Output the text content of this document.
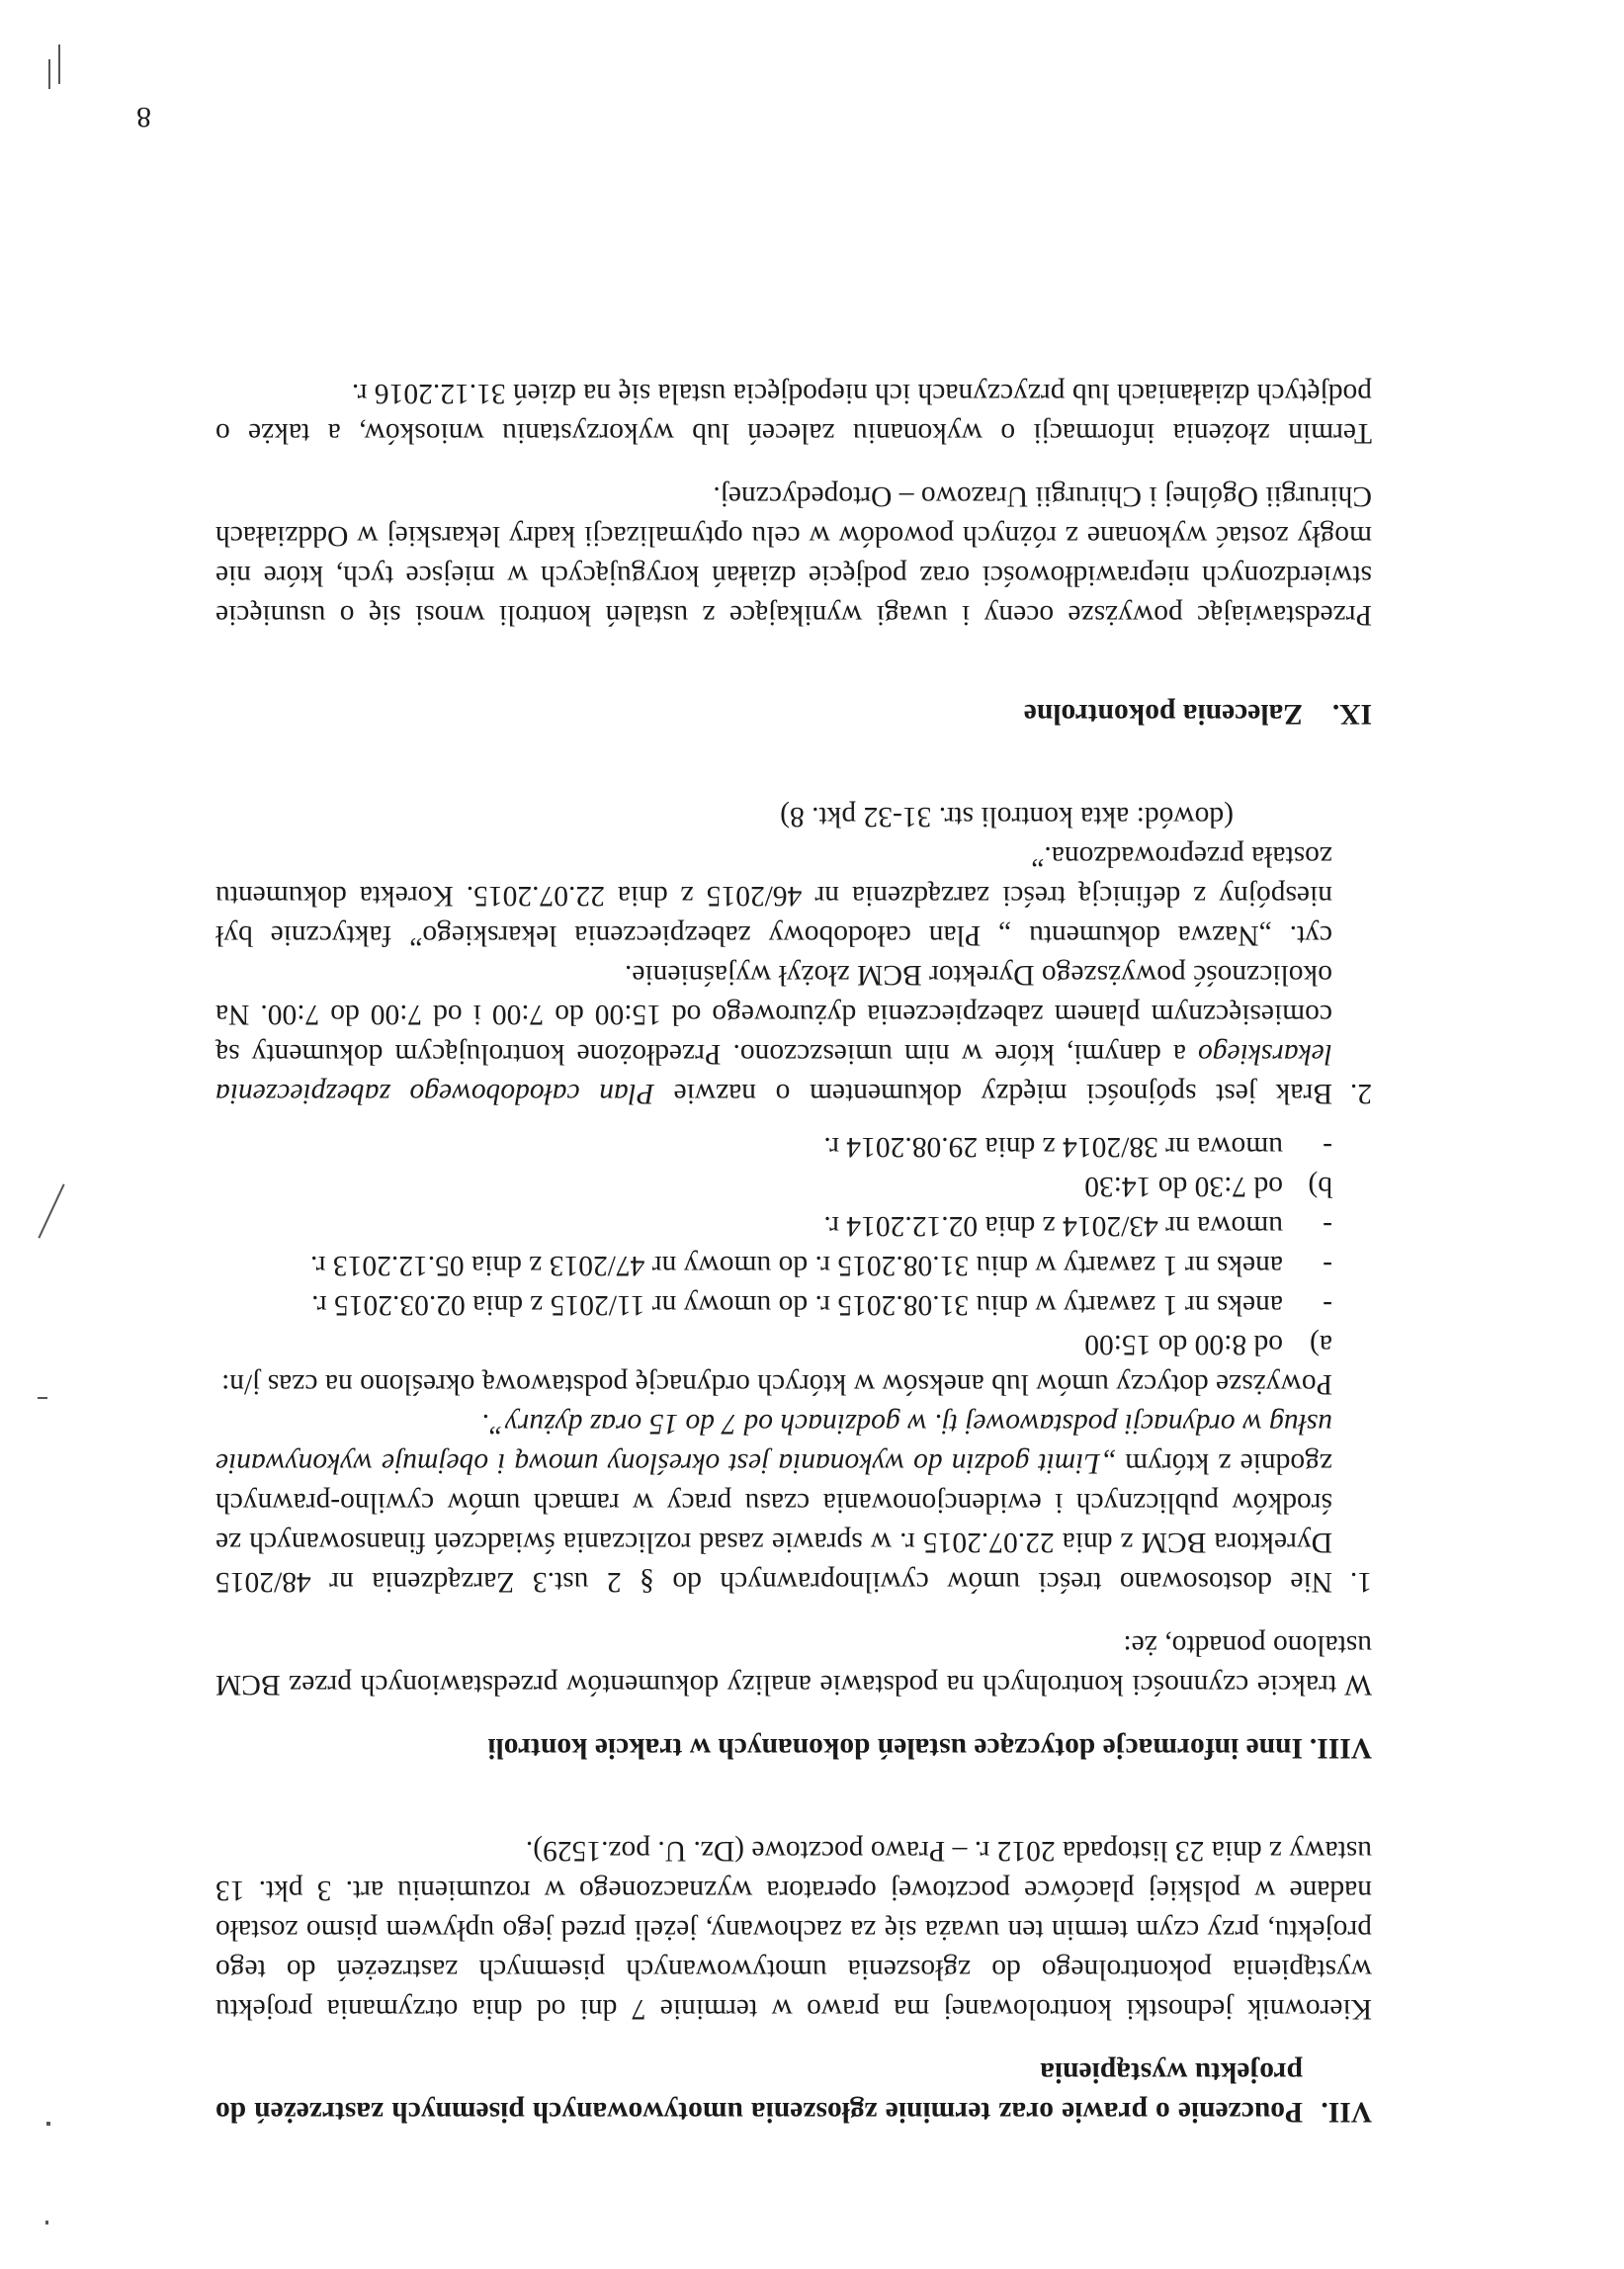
8
VII.
Pouczenie o prawie oraz terminie zgłoszenia umotywowanych pisemnych zastrzeżeń do projektu wystąpienia

Kierownik jednostki kontrolowanej ma prawo w terminie 7 dni od dnia otrzymania projektu wystąpienia pokontrolnego do zgłoszenia umotywowanych pisemnych zastrzeżeń do tego projektu, przy czym termin ten uważa się za zachowany, jeżeli przed jego upływem pismo zostało nadane w polskiej placówce pocztowej operatora wyznaczonego w rozumieniu art. 3 pkt. 13 ustawy z dnia 23 listopada 2012 r. – Prawo pocztowe (Dz. U. poz.1529).

VIII.
Inne informacje dotyczące ustaleń dokonanych w trakcie kontroli

W trakcie czynności kontrolnych na podstawie analizy dokumentów przedstawionych przez BCM ustalono ponadto, że:

1.
Nie dostosowano treści umów cywilnoprawnych do § 2 ust.3 Zarządzenia nr 48/2015 Dyrektora BCM z dnia 22.07.2015 r. w sprawie zasad rozliczania świadczeń finansowanych ze środków publicznych i ewidencjonowania czasu pracy w ramach umów cywilno-prawnych zgodnie z którym „Limit godzin do wykonania jest określony umową i obejmuje wykonywanie usług w ordynacji podstawowej tj. w godzinach od 7 do 15 oraz dyżury”.
Powyższe dotyczy umów lub aneksów w których ordynację podstawową określono na czas j/n:
a)
od 8:00 do 15:00
-
aneks nr 1 zawarty w dniu 31.08.2015 r. do umowy nr 11/2015 z dnia 02.03.2015 r.
-
aneks nr 1 zawarty w dniu 31.08.2015 r. do umowy nr 47/2013 z dnia 05.12.2013 r.
-
umowa nr 43/2014 z dnia 02.12.2014 r.
b)
od 7:30 do 14:30
-
umowa nr 38/2014 z dnia 29.08.2014 r.
2.
Brak jest spójności między dokumentem o nazwie Plan całodobowego zabezpieczenia lekarskiego a danymi, które w nim umieszczono. Przedłożone kontrolującym dokumenty są comiesięcznym planem zabezpieczenia dyżurowego od 15:00 do 7:00 i od 7:00 do 7:00. Na okoliczność powyższego Dyrektor BCM złożył wyjaśnienie.
cyt. „Nazwa dokumentu „ Plan całodobowy zabezpieczenia lekarskiego” faktycznie był niespójny z definicją treści zarządzenia nr 46/2015 z dnia 22.07.2015. Korekta dokumentu została przeprowadzona.”
(dowód: akta kontroli str. 31-32 pkt. 8)
IX.
Zalecenia pokontrolne

Przedstawiając powyższe oceny i uwagi wynikające z ustaleń kontroli wnosi się o usunięcie stwierdzonych nieprawidłowości oraz podjęcie działań korygujących w miejsce tych, które nie mogły zostać wykonane z różnych powodów w celu optymalizacji kadry lekarskiej w Oddziałach Chirurgii Ogólnej i Chirurgii Urazowo – Ortopedycznej.

Termin złożenia informacji o wykonaniu zaleceń lub wykorzystaniu wniosków, a także o podjętych działaniach lub przyczynach ich niepodjęcia ustala się na dzień 31.12.2016 r.
